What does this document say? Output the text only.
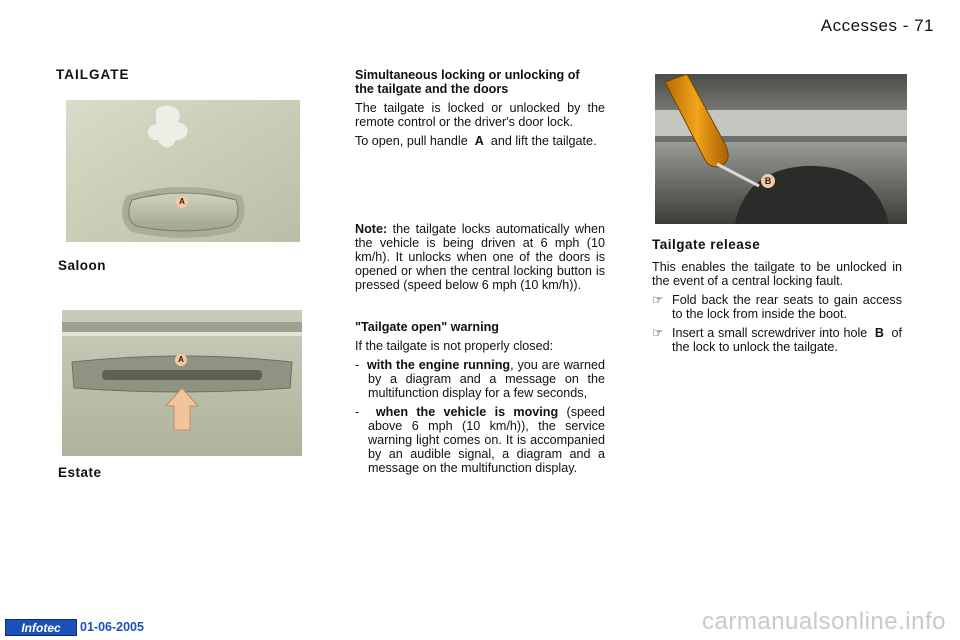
Accesses - 71
TAILGATE
A
Saloon
A
Estate
Simultaneous locking or unlocking of the tailgate and the doors
The tailgate is locked or unlocked by the remote control or the driver's door lock.
To open, pull handle A and lift the tailgate.
Note: the tailgate locks automatically when the vehicle is being driven at 6 mph (10 km/h). It unlocks when one of the doors is opened or when the central locking button is pressed (speed below 6 mph (10 km/h)).
"Tailgate open" warning
If the tailgate is not properly closed:
- with the engine running, you are warned by a diagram and a message on the multifunction display for a few seconds,
- when the vehicle is moving (speed above 6 mph (10 km/h)), the service warning light comes on. It is accompanied by an audible signal, a diagram and a message on the multifunction display.
B
Tailgate release
This enables the tailgate to be unlocked in the event of a central locking fault.
☞ Fold back the rear seats to gain access to the lock from inside the boot.
☞ Insert a small screwdriver into hole B of the lock to unlock the tailgate.
Infotec	01-06-2005	carmanualsonline.info
